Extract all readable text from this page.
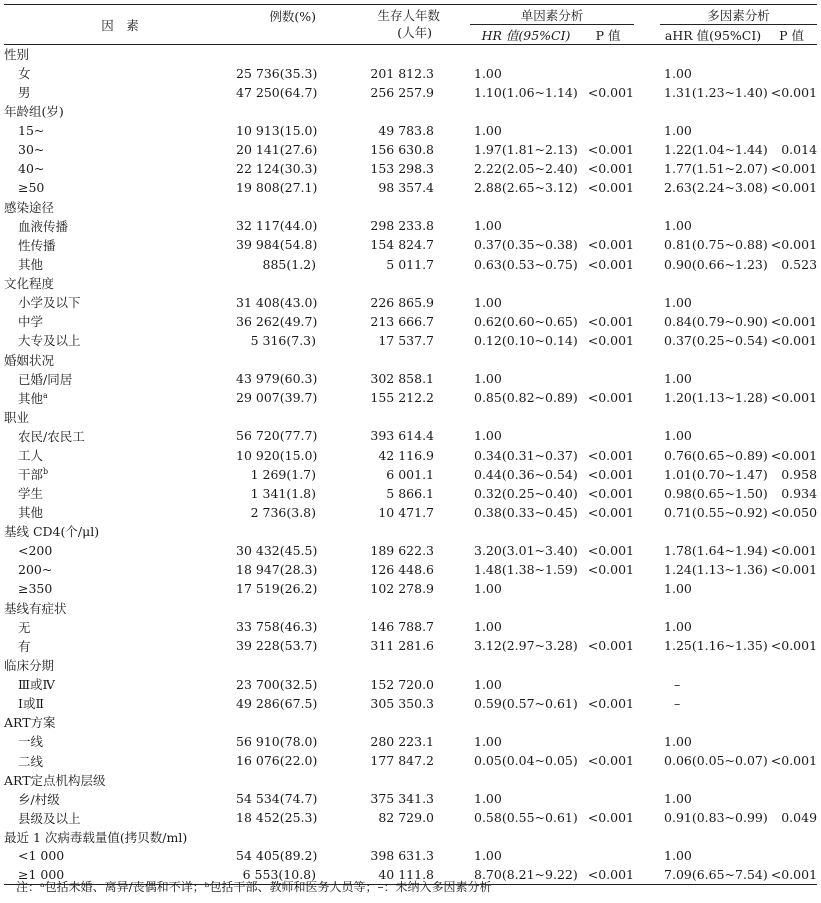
因　素	例数(%)	生存人年数
(人年)		单因素分析			多因素分析	
				HR 值(95%CI)	P 值		aHR 值(95%CI)	P 值
性别								
女	25 736(35.3)	201 812.3		1.00			1.00	
男	47 250(64.7)	256 257.9		1.10(1.06~1.14)	<0.001		1.31(1.23~1.40)	<0.001
年龄组(岁)								
15~	10 913(15.0)	49 783.8		1.00			1.00	
30~	20 141(27.6)	156 630.8		1.97(1.81~2.13)	<0.001		1.22(1.04~1.44)	0.014
40~	22 124(30.3)	153 298.3		2.22(2.05~2.40)	<0.001		1.77(1.51~2.07)	<0.001
≥50	19 808(27.1)	98 357.4		2.88(2.65~3.12)	<0.001		2.63(2.24~3.08)	<0.001
感染途径								
血液传播	32 117(44.0)	298 233.8		1.00			1.00	
性传播	39 984(54.8)	154 824.7		0.37(0.35~0.38)	<0.001		0.81(0.75~0.88)	<0.001
其他	885(1.2)	5 011.7		0.63(0.53~0.75)	<0.001		0.90(0.66~1.23)	0.523
文化程度								
小学及以下	31 408(43.0)	226 865.9		1.00			1.00	
中学	36 262(49.7)	213 666.7		0.62(0.60~0.65)	<0.001		0.84(0.79~0.90)	<0.001
大专及以上	5 316(7.3)	17 537.7		0.12(0.10~0.14)	<0.001		0.37(0.25~0.54)	<0.001
婚姻状况								
已婚/同居	43 979(60.3)	302 858.1		1.00			1.00	
其他$^a$	29 007(39.7)	155 212.2		0.85(0.82~0.89)	<0.001		1.20(1.13~1.28)	<0.001
职业								
农民/农民工	56 720(77.7)	393 614.4		1.00			1.00	
工人	10 920(15.0)	42 116.9		0.34(0.31~0.37)	<0.001		0.76(0.65~0.89)	<0.001
干部$^b$	1 269(1.7)	6 001.1		0.44(0.36~0.54)	<0.001		1.01(0.70~1.47)	0.958
学生	1 341(1.8)	5 866.1		0.32(0.25~0.40)	<0.001		0.98(0.65~1.50)	0.934
其他	2 736(3.8)	10 471.7		0.38(0.33~0.45)	<0.001		0.71(0.55~0.92)	<0.050
基线 CD4(个/μl)								
<200	30 432(45.5)	189 622.3		3.20(3.01~3.40)	<0.001		1.78(1.64~1.94)	<0.001
200~	18 947(28.3)	126 448.6		1.48(1.38~1.59)	<0.001		1.24(1.13~1.36)	<0.001
≥350	17 519(26.2)	102 278.9		1.00			1.00	
基线有症状								
无	33 758(46.3)	146 788.7		1.00			1.00	
有	39 228(53.7)	311 281.6		3.12(2.97~3.28)	<0.001		1.25(1.16~1.35)	<0.001
临床分期								
Ⅲ或Ⅳ	23 700(32.5)	152 720.0		1.00			–	
Ⅰ或Ⅱ	49 286(67.5)	305 350.3		0.59(0.57~0.61)	<0.001		–	
ART方案								
一线	56 910(78.0)	280 223.1		1.00			1.00	
二线	16 076(22.0)	177 847.2		0.05(0.04~0.05)	<0.001		0.06(0.05~0.07)	<0.001
ART定点机构层级								
乡/村级	54 534(74.7)	375 341.3		1.00			1.00	
县级及以上	18 452(25.3)	82 729.0		0.58(0.55~0.61)	<0.001		0.91(0.83~0.99)	0.049
最近 1 次病毒载量值(拷贝数/ml)								
<1 000	54 405(89.2)	398 631.3		1.00			1.00	
≥1 000	6 553(10.8)	40 111.8		8.70(8.21~9.22)	<0.001		7.09(6.65~7.54)	<0.001
注：ᵃ包括未婚、离异/丧偶和不详；ᵇ包括干部、教师和医务人员等；–：未纳入多因素分析
